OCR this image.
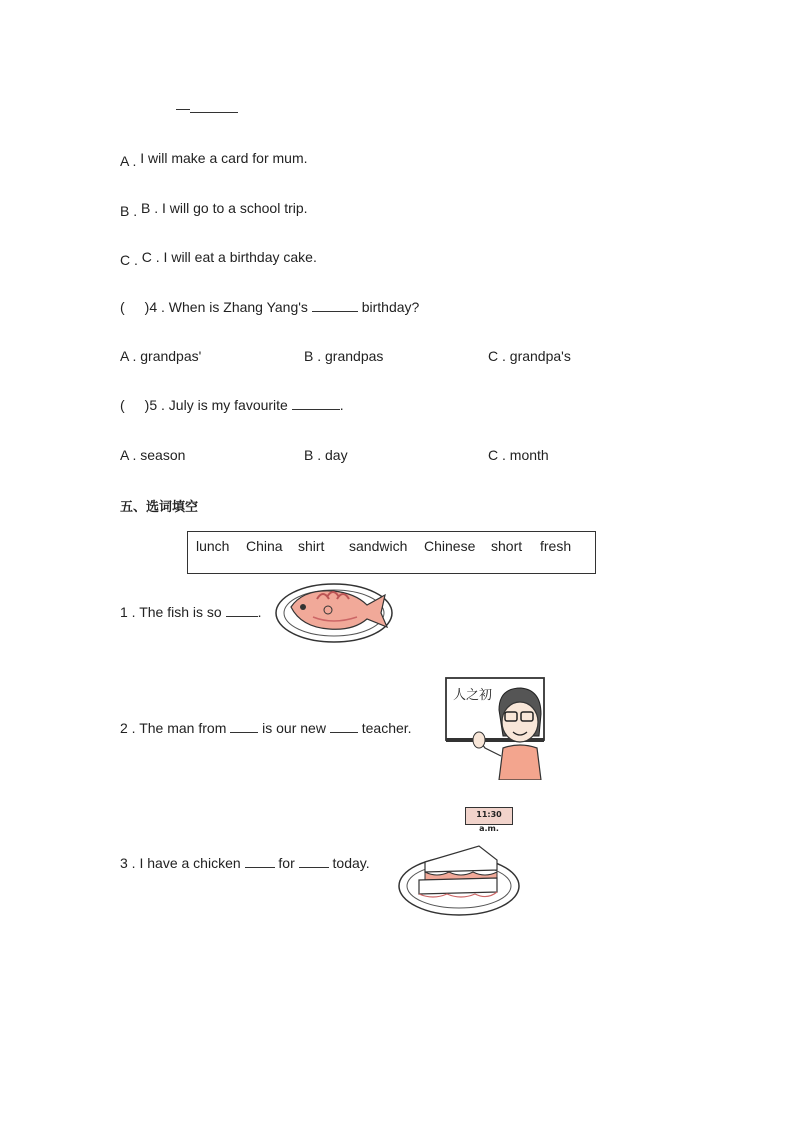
—
A . I will make a card for mum.
B . B . I will go to a school trip.
C . C . I will eat a birthday cake.
( )4 . When is Zhang Yang's	birthday?
A . grandpas'	B . grandpas	C . grandpa's
( )5 . July is my favourite	.
A . season	B . day	C . month
五、选词填空
lunch China shirt sandwich Chinese short fresh
1 . The fish is so	.
2 . The man from	is our new	teacher.
人之初
11:30 a.m.
3 . I have a chicken	for	today.
